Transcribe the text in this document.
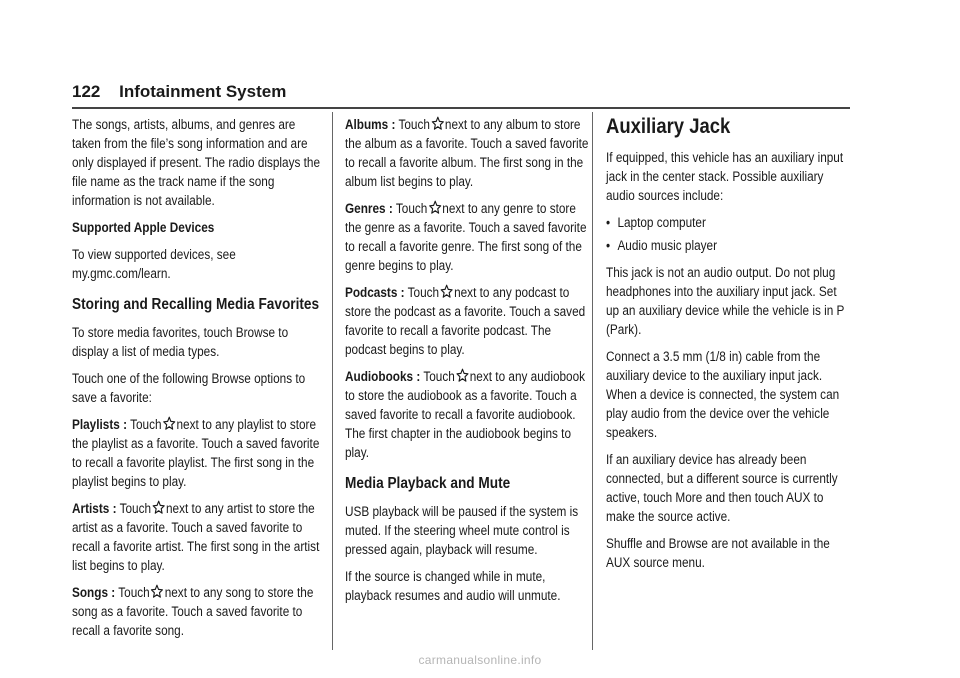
122 Infotainment System

The songs, artists, albums, and genres are taken from the file’s song information and are only displayed if present. The radio displays the file name as the track name if the song information is not available.

Supported Apple Devices

To view supported devices, see my.gmc.com/learn.

Storing and Recalling Media Favorites

To store media favorites, touch Browse to display a list of media types.

Touch one of the following Browse options to save a favorite:

Playlists : Touch next to any playlist to store the playlist as a favorite. Touch a saved favorite to recall a favorite playlist. The first song in the playlist begins to play.

Artists : Touch next to any artist to store the artist as a favorite. Touch a saved favorite to recall a favorite artist. The first song in the artist list begins to play.

Songs : Touch next to any song to store the song as a favorite. Touch a saved favorite to recall a favorite song.

Albums : Touch next to any album to store the album as a favorite. Touch a saved favorite to recall a favorite album. The first song in the album list begins to play.

Genres : Touch next to any genre to store the genre as a favorite. Touch a saved favorite to recall a favorite genre. The first song of the genre begins to play.

Podcasts : Touch next to any podcast to store the podcast as a favorite. Touch a saved favorite to recall a favorite podcast. The podcast begins to play.

Audiobooks : Touch next to any audiobook to store the audiobook as a favorite. Touch a saved favorite to recall a favorite audiobook. The first chapter in the audiobook begins to play.

Media Playback and Mute

USB playback will be paused if the system is muted. If the steering wheel mute control is pressed again, playback will resume.

If the source is changed while in mute, playback resumes and audio will unmute.

Auxiliary Jack

If equipped, this vehicle has an auxiliary input jack in the center stack. Possible auxiliary audio sources include:

• Laptop computer
• Audio music player

This jack is not an audio output. Do not plug headphones into the auxiliary input jack. Set up an auxiliary device while the vehicle is in P (Park).

Connect a 3.5 mm (1/8 in) cable from the auxiliary device to the auxiliary input jack. When a device is connected, the system can play audio from the device over the vehicle speakers.

If an auxiliary device has already been connected, but a different source is currently active, touch More and then touch AUX to make the source active.

Shuffle and Browse are not available in the AUX source menu.

carmanualsonline.info
